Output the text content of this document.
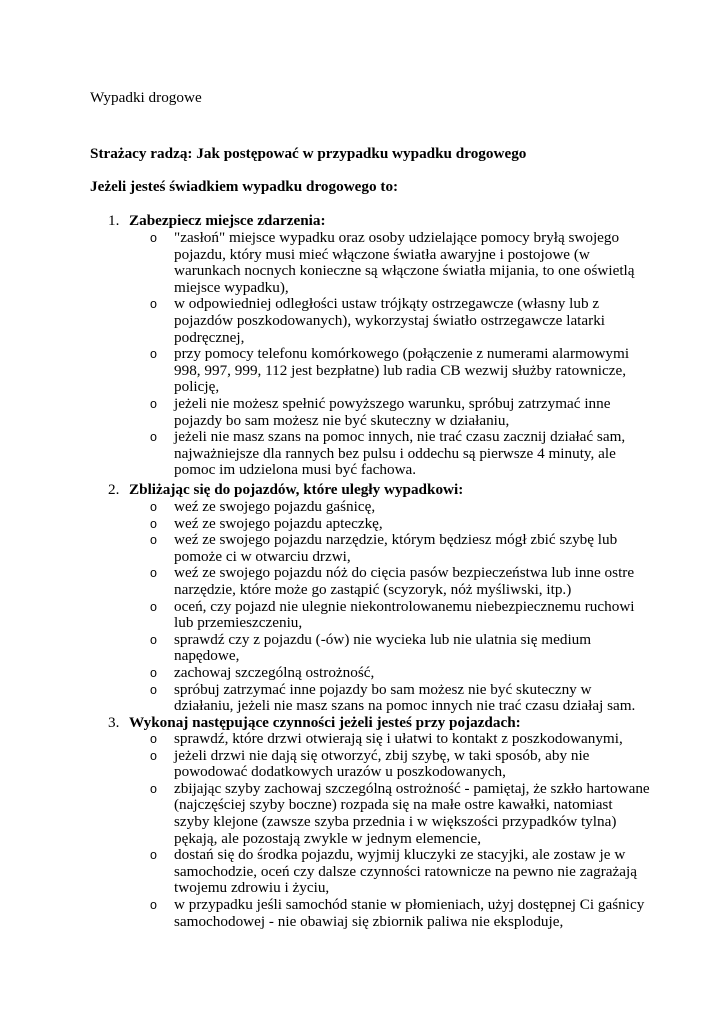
Wypadki drogowe
Strażacy radzą: Jak postępować w przypadku wypadku drogowego
Jeżeli jesteś świadkiem wypadku drogowego to:
1. Zabezpiecz miejsce zdarzenia:
o "zasłoń" miejsce wypadku oraz osoby udzielające pomocy bryłą swojego pojazdu, który musi mieć włączone światła awaryjne i postojowe (w warunkach nocnych konieczne są włączone światła mijania, to one oświetlą miejsce wypadku),
o w odpowiedniej odległości ustaw trójkąty ostrzegawcze (własny lub z pojazdów poszkodowanych), wykorzystaj światło ostrzegawcze latarki podręcznej,
o przy pomocy telefonu komórkowego (połączenie z numerami alarmowymi 998, 997, 999, 112 jest bezpłatne) lub radia CB wezwij służby ratownicze, policję,
o jeżeli nie możesz spełnić powyższego warunku, spróbuj zatrzymać inne pojazdy bo sam możesz nie być skuteczny w działaniu,
o jeżeli nie masz szans na pomoc innych, nie trać czasu zacznij działać sam, najważniejsze dla rannych bez pulsu i oddechu są pierwsze 4 minuty, ale pomoc im udzielona musi być fachowa.
2. Zbliżając się do pojazdów, które uległy wypadkowi:
o weź ze swojego pojazdu gaśnicę,
o weź ze swojego pojazdu apteczkę,
o weź ze swojego pojazdu narzędzie, którym będziesz mógł zbić szybę lub pomoże ci w otwarciu drzwi,
o weź ze swojego pojazdu nóż do cięcia pasów bezpieczeństwa lub inne ostre narzędzie, które może go zastąpić (scyzoryk, nóż myśliwski, itp.)
o oceń, czy pojazd nie ulegnie niekontrolowanemu niebezpiecznemu ruchowi lub przemieszczeniu,
o sprawdź czy z pojazdu (-ów) nie wycieka lub nie ulatnia się medium napędowe,
o zachowaj szczególną ostrożność,
o spróbuj zatrzymać inne pojazdy bo sam możesz nie być skuteczny w działaniu, jeżeli nie masz szans na pomoc innych nie trać czasu działaj sam.
3. Wykonaj następujące czynności jeżeli jesteś przy pojazdach:
o sprawdź, które drzwi otwierają się i ułatwi to kontakt z poszkodowanymi,
o jeżeli drzwi nie dają się otworzyć, zbij szybę, w taki sposób, aby nie powodować dodatkowych urazów u poszkodowanych,
o zbijając szyby zachowaj szczególną ostrożność - pamiętaj, że szkło hartowane (najczęściej szyby boczne) rozpada się na małe ostre kawałki, natomiast szyby klejone (zawsze szyba przednia i w większości przypadków tylna) pękają, ale pozostają zwykle w jednym elemencie,
o dostań się do środka pojazdu, wyjmij kluczyki ze stacyjki, ale zostaw je w samochodzie, oceń czy dalsze czynności ratownicze na pewno nie zagrażają twojemu zdrowiu i życiu,
o w przypadku jeśli samochód stanie w płomieniach, użyj dostępnej Ci gaśnicy samochodowej - nie obawiaj się zbiornik paliwa nie eksploduje,
